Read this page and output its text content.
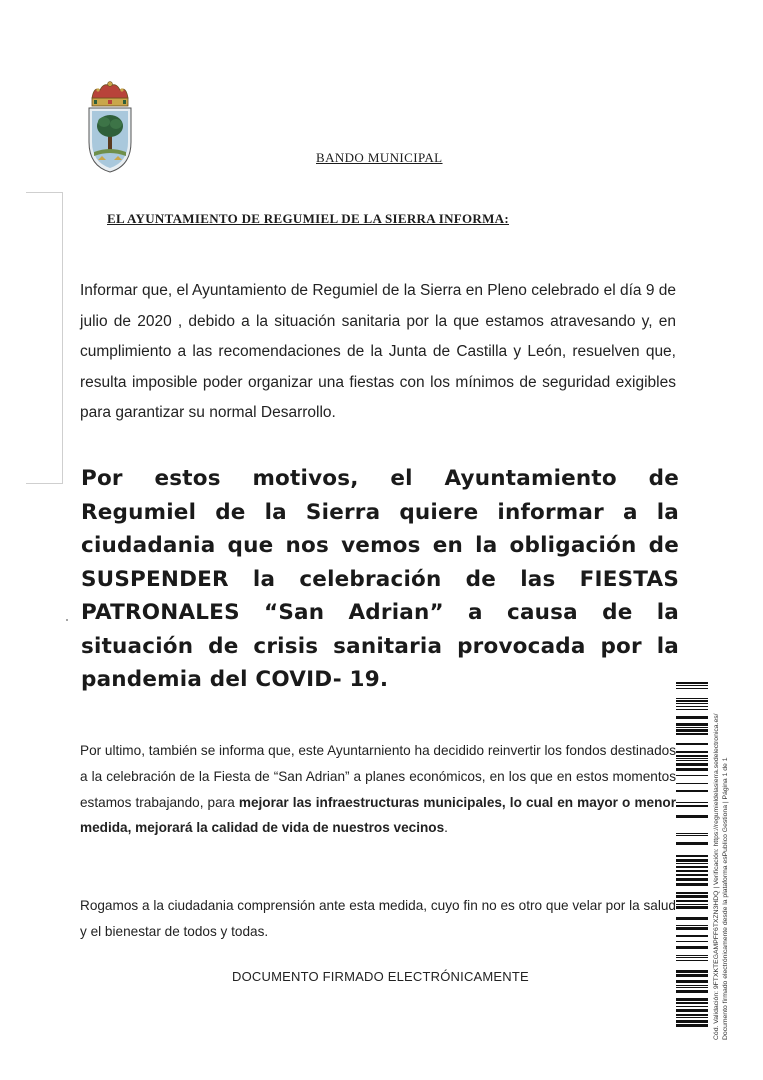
BANDO MUNICIPAL
EL AYUNTAMIENTO DE REGUMIEL DE LA SIERRA INFORMA:
Informar que, el Ayuntamiento de Regumiel de la Sierra en Pleno celebrado el día 9 de julio de 2020 , debido a la situación sanitaria por la que estamos atravesando y, en cumplimiento a las recomendaciones de la Junta de Castilla y León, resuelven que, resulta imposible poder organizar una fiestas con los mínimos de seguridad exigibles para garantizar su normal Desarrollo.
Por estos motivos, el Ayuntamiento de Regumiel de la Sierra quiere informar a la ciudadania que nos vemos en la obligación de SUSPENDER la celebración de las FIESTAS PATRONALES “San Adrian” a causa de la situación de crisis sanitaria provocada por la pandemia del COVID- 19.
Por ultimo, también se informa que, este Ayuntarniento ha decidido reinvertir los fondos destinados a la celebración de la Fiesta de “San Adrian” a planes económicos, en los que en estos momentos estamos trabajando, para mejorar las infraestructuras municipales, lo cual en mayor o menor medida, mejorará la calidad de vida de nuestros vecinos.
Rogamos a la ciudadania comprensión ante esta medida, cuyo fin no es otro que velar por la salud y el bienestar de todos y todas.
DOCUMENTO FIRMADO ELECTRÓNICAMENTE	Cód. Validación: 9FTXKTEGAMPFF6TXZN3HDQ | Verificación: https://regumieldelasierra.sedelectronica.es/ Documento firmado electrónicamente desde la plataforma esPublico Gestiona | Página 1 de 1
